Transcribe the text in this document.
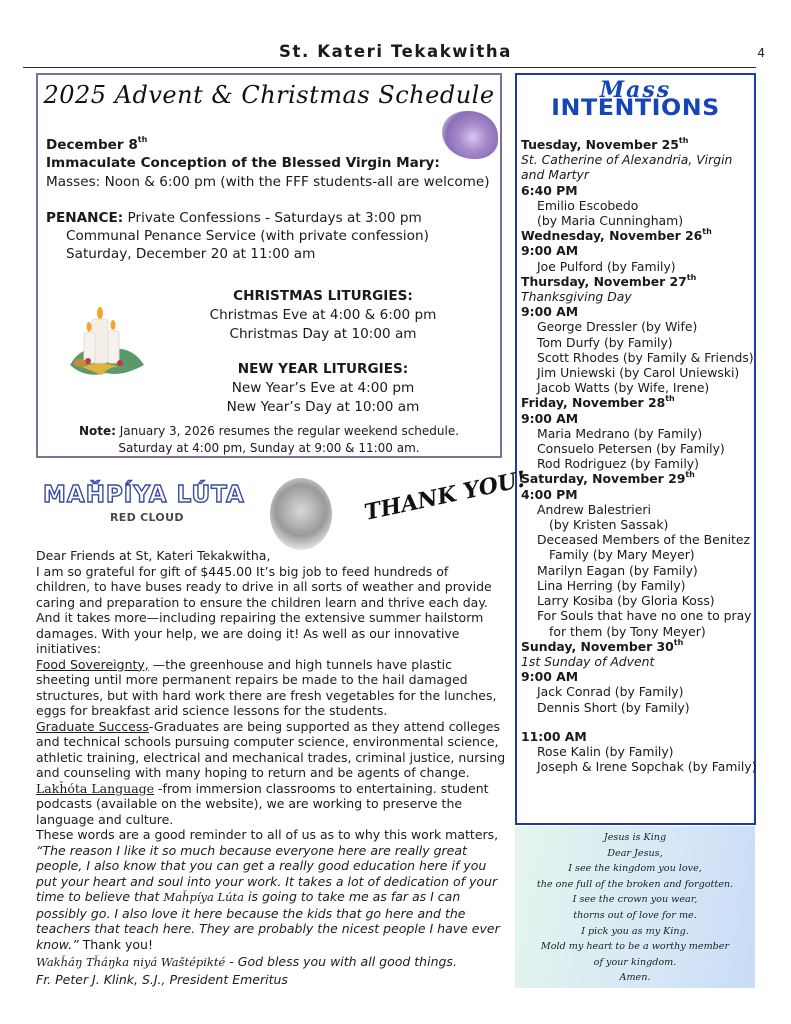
St. Kateri Tekakwitha	4
2025 Advent & Christmas Schedule
December 8th
Immaculate Conception of the Blessed Virgin Mary:
Masses: Noon & 6:00 pm (with the FFF students-all are welcome)
PENANCE: Private Confessions - Saturdays at 3:00 pm
Communal Penance Service (with private confession)
Saturday, December 20 at 11:00 am
CHRISTMAS LITURGIES:
Christmas Eve at 4:00 & 6:00 pm
Christmas Day at 10:00 am
NEW YEAR LITURGIES:
New Year’s Eve at 4:00 pm
New Year’s Day at 10:00 am
Note: January 3, 2026 resumes the regular weekend schedule.
Saturday at 4:00 pm, Sunday at 9:00 & 11:00 am.
Mass
INTENTIONS
Tuesday, November 25th
St. Catherine of Alexandria, Virgin and Martyr
6:40 PM
Emilio Escobedo
(by Maria Cunningham)
Wednesday, November 26th
9:00 AM
Joe Pulford (by Family)
Thursday, November 27th
Thanksgiving Day
9:00 AM
George Dressler (by Wife)
Tom Durfy (by Family)
Scott Rhodes (by Family & Friends)
Jim Uniewski (by Carol Uniewski)
Jacob Watts (by Wife, Irene)
Friday, November 28th
9:00 AM
Maria Medrano (by Family)
Consuelo Petersen (by Family)
Rod Rodriguez (by Family)
Saturday, November 29th
4:00 PM
Andrew Balestrieri
(by Kristen Sassak)
Deceased Members of the Benitez
Family (by Mary Meyer)
Marilyn Eagan (by Family)
Lina Herring (by Family)
Larry Kosiba (by Gloria Koss)
For Souls that have no one to pray
for them (by Tony Meyer)
Sunday, November 30th
1st Sunday of Advent
9:00 AM
Jack Conrad (by Family)
Dennis Short (by Family)
11:00 AM
Rose Kalin (by Family)
Joseph & Irene Sopchak (by Family)
Jesus is King
Dear Jesus,
I see the kingdom you love,
the one full of the broken and forgotten.
I see the crown you wear,
thorns out of love for me.
I pick you as my King.
Mold my heart to be a worthy member
of your kingdom.
Amen.
MAȞPÍYA LÚTA
RED CLOUD	THANK YOU!
Dear Friends at St, Kateri Tekakwitha,
I am so grateful for gift of $445.00 It’s big job to feed hundreds of children, to have buses ready to drive in all sorts of weather and provide caring and preparation to ensure the children learn and thrive each day. And it takes more—including repairing the extensive summer hailstorm damages. With your help, we are doing it! As well as our innovative initiatives:
Food Sovereignty, —the greenhouse and high tunnels have plastic sheeting until more permanent repairs be made to the hail damaged structures, but with hard work there are fresh vegetables for the lunches, eggs for breakfast arid science lessons for the students.
Graduate Success-Graduates are being supported as they attend colleges and technical schools pursuing computer science, environmental science, athletic training, electrical and mechanical trades, criminal justice, nursing and counseling with many hoping to return and be agents of change.
Lakȟóta Language -from immersion classrooms to entertaining. student podcasts (available on the website), we are working to preserve the language and culture.
These words are a good reminder to all of us as to why this work matters,
“The reason I like it so much because everyone here are really great people, I also know that you can get a really good education here if you put your heart and soul into your work. It takes a lot of dedication of your time to believe that Maȟpíya Lúta is going to take me as far as I can possibly go. I also love it here because the kids that go here and the teachers that teach here. They are probably the nicest people I have ever know.” Thank you!
Wakȟáŋ Tȟáŋka niyá Waštépikté - God bless you with all good things.
Fr. Peter J. Klink, S.J., President Emeritus
